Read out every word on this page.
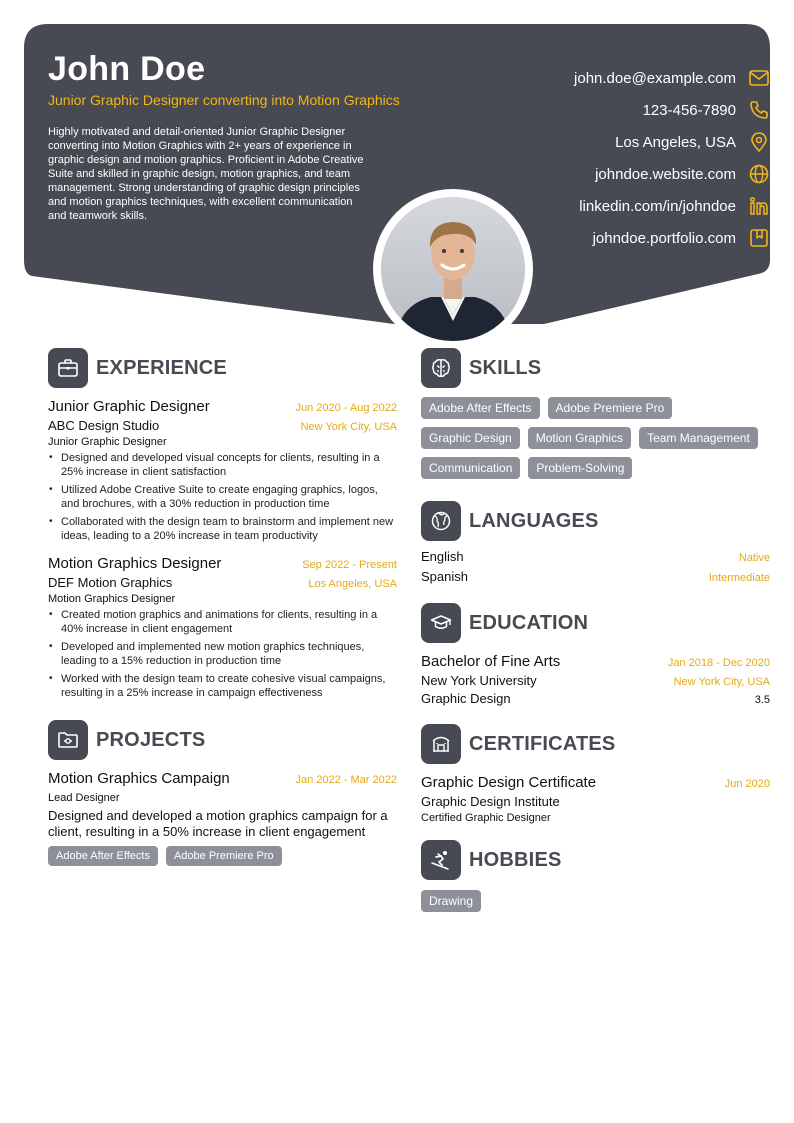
John Doe
Junior Graphic Designer converting into Motion Graphics
Highly motivated and detail-oriented Junior Graphic Designer converting into Motion Graphics with 2+ years of experience in graphic design and motion graphics. Proficient in Adobe Creative Suite and skilled in graphic design, motion graphics, and team management. Strong understanding of graphic design principles and motion graphics techniques, with excellent communication and teamwork skills.
john.doe@example.com
123-456-7890
Los Angeles, USA
johndoe.website.com
linkedin.com/in/johndoe
johndoe.portfolio.com
EXPERIENCE
Junior Graphic Designer	Jun 2020 - Aug 2022
ABC Design Studio	New York City, USA
Junior Graphic Designer
• Designed and developed visual concepts for clients, resulting in a 25% increase in client satisfaction
• Utilized Adobe Creative Suite to create engaging graphics, logos, and brochures, with a 30% reduction in production time
• Collaborated with the design team to brainstorm and implement new ideas, leading to a 20% increase in team productivity
Motion Graphics Designer	Sep 2022 - Present
DEF Motion Graphics	Los Angeles, USA
Motion Graphics Designer
• Created motion graphics and animations for clients, resulting in a 40% increase in client engagement
• Developed and implemented new motion graphics techniques, leading to a 15% reduction in production time
• Worked with the design team to create cohesive visual campaigns, resulting in a 25% increase in campaign effectiveness
PROJECTS
Motion Graphics Campaign	Jan 2022 - Mar 2022
Lead Designer
Designed and developed a motion graphics campaign for a client, resulting in a 50% increase in client engagement
Adobe After Effects	Adobe Premiere Pro
SKILLS
Adobe After Effects	Adobe Premiere Pro
Graphic Design	Motion Graphics	Team Management
Communication	Problem-Solving
LANGUAGES
English	Native
Spanish	Intermediate
EDUCATION
Bachelor of Fine Arts	Jan 2018 - Dec 2020
New York University	New York City, USA
Graphic Design	3.5
CERTIFICATES
Graphic Design Certificate	Jun 2020
Graphic Design Institute
Certified Graphic Designer
HOBBIES
Drawing
